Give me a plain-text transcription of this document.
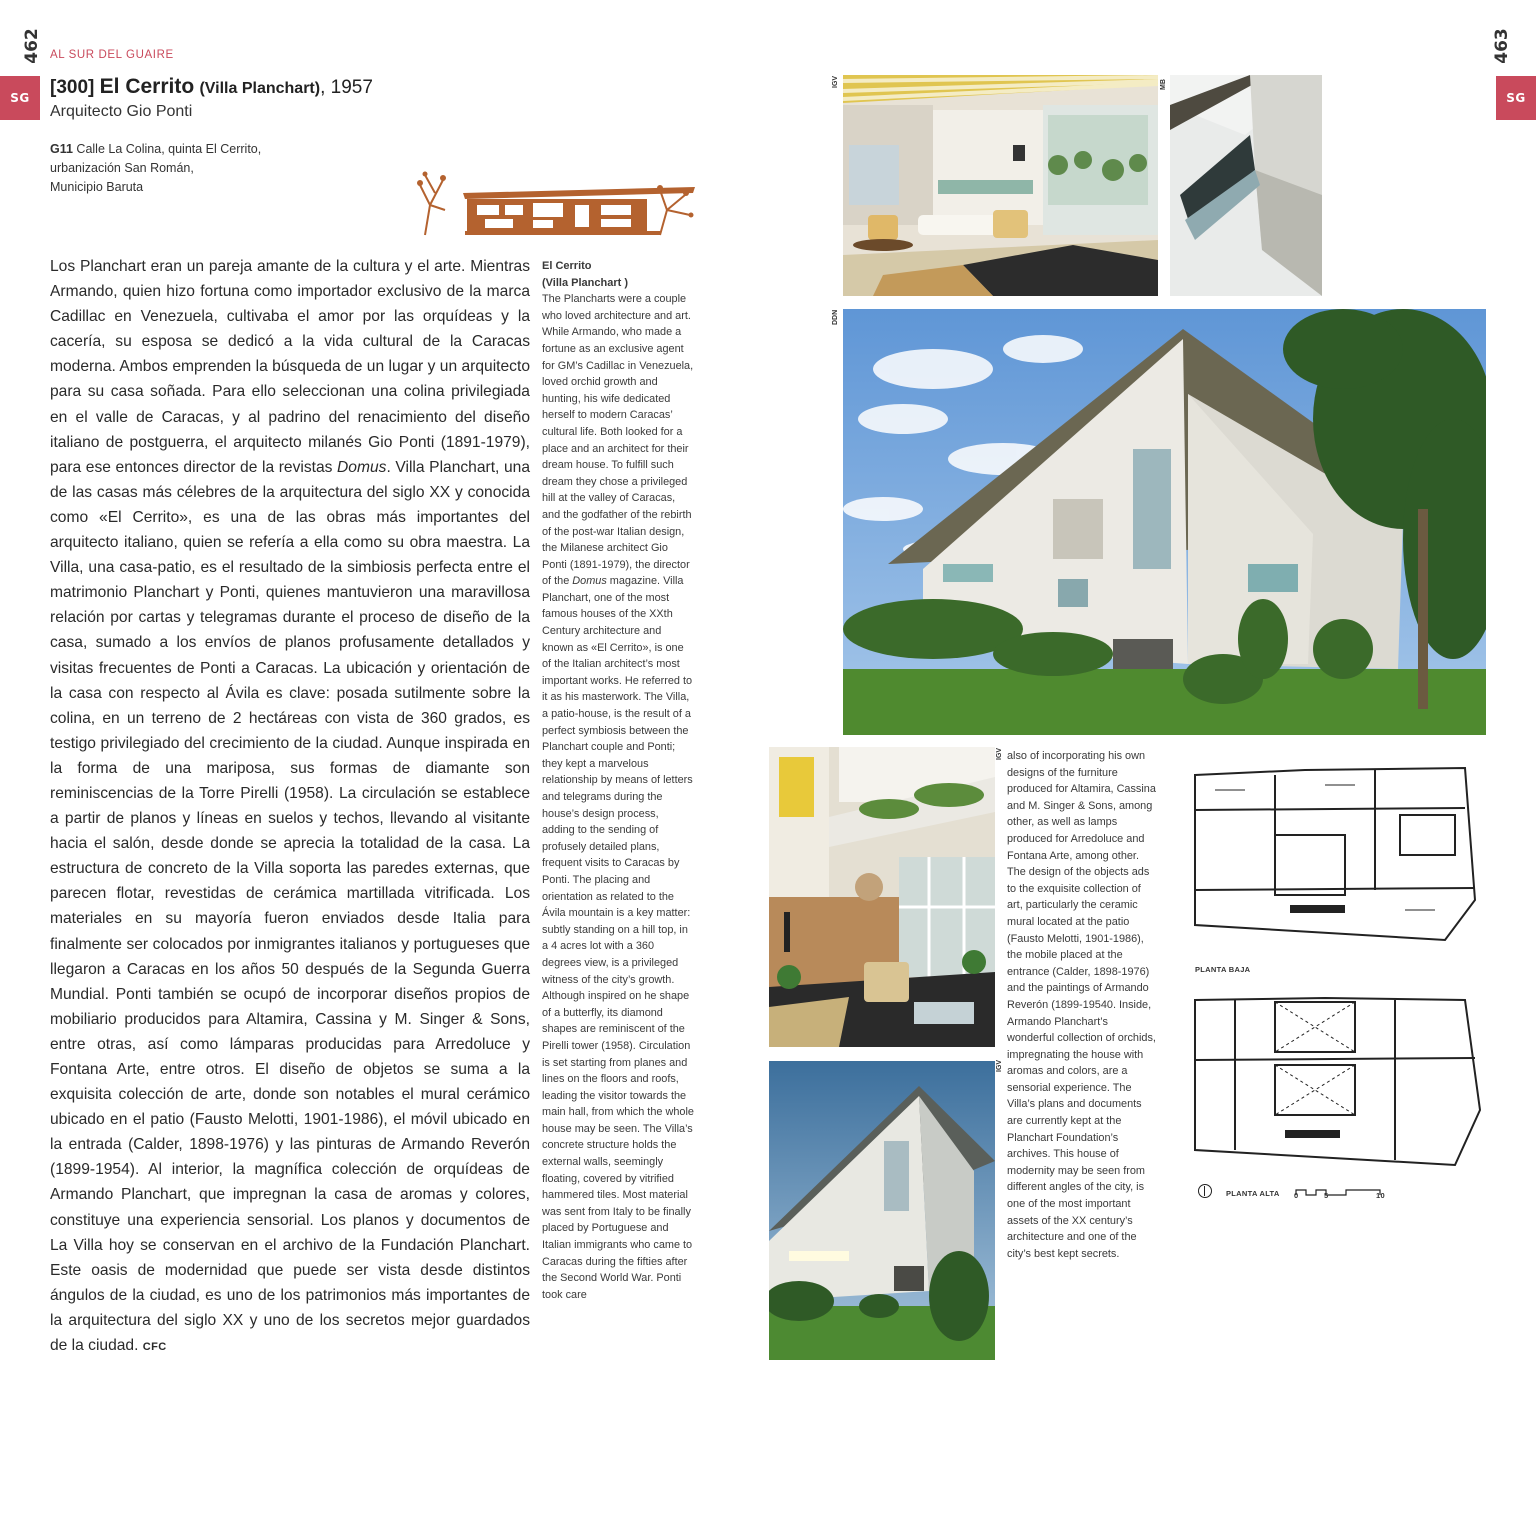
462
SG
AL SUR DEL GUAIRE
[300] El Cerrito (Villa Planchart), 1957
Arquitecto Gio Ponti
G11 Calle La Colina, quinta El Cerrito,
urbanización San Román,
Municipio Baruta
Los Planchart eran un pareja amante de la cultura y el arte. Mientras Armando, quien hizo fortuna como importador exclusivo de la marca Cadillac en Venezuela, cultivaba el amor por las orquídeas y la cacería, su esposa se dedicó a la vida cultural de la Caracas moderna. Ambos emprenden la búsqueda de un lugar y un arquitecto para su casa soñada. Para ello seleccionan una colina privilegiada en el valle de Caracas, y al padrino del renacimiento del diseño italiano de postguerra, el arquitecto milanés Gio Ponti (1891-1979), para ese entonces director de la revistas Domus. Villa Planchart, una de las casas más célebres de la arquitectura del siglo XX y conocida como «El Cerrito», es una de las obras más importantes del arquitecto italiano, quien se refería a ella como su obra maestra. La Villa, una casa-patio, es el resultado de la simbiosis perfecta entre el matrimonio Planchart y Ponti, quienes mantuvieron una maravillosa relación por cartas y telegramas durante el proceso de diseño de la casa, sumado a los envíos de planos profusamente detallados y visitas frecuentes de Ponti a Caracas. La ubicación y orientación de la casa con respecto al Ávila es clave: posada sutilmente sobre la colina, en un terreno de 2 hectáreas con vista de 360 grados, es testigo privilegiado del crecimiento de la ciudad. Aunque inspirada en la forma de una mariposa, sus formas de diamante son reminiscencias de la Torre Pirelli (1958). La circulación se establece a partir de planos y líneas en suelos y techos, llevando al visitante hacia el salón, desde donde se aprecia la totalidad de la casa. La estructura de concreto de la Villa soporta las paredes externas, que parecen flotar, revestidas de cerámica martillada vitrificada. Los materiales en su mayoría fueron enviados desde Italia para finalmente ser colocados por inmigrantes italianos y portugueses que llegaron a Caracas en los años 50 después de la Segunda Guerra Mundial. Ponti también se ocupó de incorporar diseños propios de mobiliario producidos para Altamira, Cassina y M. Singer & Sons, entre otras, así como lámparas producidas para Arredoluce y Fontana Arte, entre otros. El diseño de objetos se suma a la exquisita colección de arte, donde son notables el mural cerámico ubicado en el patio (Fausto Melotti, 1901-1986), el móvil ubicado en la entrada (Calder, 1898-1976) y las pinturas de Armando Reverón (1899-1954). Al interior, la magnífica colección de orquídeas de Armando Planchart, que impregnan la casa de aromas y colores, constituye una experiencia sensorial. Los planos y documentos de La Villa hoy se conservan en el archivo de la Fundación Planchart. Este oasis de modernidad que puede ser vista desde distintos ángulos de la ciudad, es uno de los patrimonios más importantes de la arquitectura del siglo XX y uno de los secretos mejor guardados de la ciudad. CFC
El Cerrito
(Villa Planchart )
The Plancharts were a couple who loved architecture and art. While Armando, who made a fortune as an exclusive agent for GM’s Cadillac in Venezuela, loved orchid growth and hunting, his wife dedicated herself to modern Caracas’ cultural life. Both looked for a place and an architect for their dream house. To fulfill such dream they chose a privileged hill at the valley of Caracas, and the godfather of the rebirth of the post-war Italian design, the Milanese architect Gio Ponti (1891-1979), the director of the Domus magazine. Villa Planchart, one of the most famous houses of the XXth Century architecture and known as «El Cerrito», is one of the Italian architect’s most important works. He referred to it as his masterwork. The Villa, a patio-house, is the result of a perfect symbiosis between the Planchart couple and Ponti; they kept a marvelous relationship by means of letters and telegrams during the house’s design process, adding to the sending of profusely detailed plans, frequent visits to Caracas by Ponti. The placing and orientation as related to the Ávila mountain is a key matter: subtly standing on a hill top, in a 4 acres lot with a 360 degrees view, is a privileged witness of the city’s growth. Although inspired on he shape of a butterfly, its diamond shapes are reminiscent of the Pirelli tower (1958). Circulation is set starting from planes and lines on the floors and roofs, leading the visitor towards the main hall, from which the whole house may be seen. The Villa’s concrete structure holds the external walls, seemingly floating, covered by vitrified hammered tiles. Most material was sent from Italy to be finally placed by Portuguese and Italian immigrants who came to Caracas during the fifties after the Second World War. Ponti took care
463
SG
IGV	MB
DDN
IGV
IGV
also of incorporating his own designs of the furniture produced for Altamira, Cassina and M. Singer & Sons, among other, as well as lamps produced for Arredoluce and Fontana Arte, among other. The design of the objects ads to the exquisite collection of art, particularly the ceramic mural located at the patio (Fausto Melotti, 1901-1986), the mobile placed at the entrance (Calder, 1898-1976) and the paintings of Armando Reverón (1899-19540. Inside, Armando Planchart’s wonderful collection of orchids, impregnating the house with aromas and colors, are a sensorial experience. The Villa’s plans and documents are currently kept at the Planchart Foundation’s archives. This house of modernity may be seen from different angles of the city, is one of the most important assets of the XX century’s architecture and one of the city’s best kept secrets.
PLANTA BAJA
PLANTA ALTA 0	5	10
